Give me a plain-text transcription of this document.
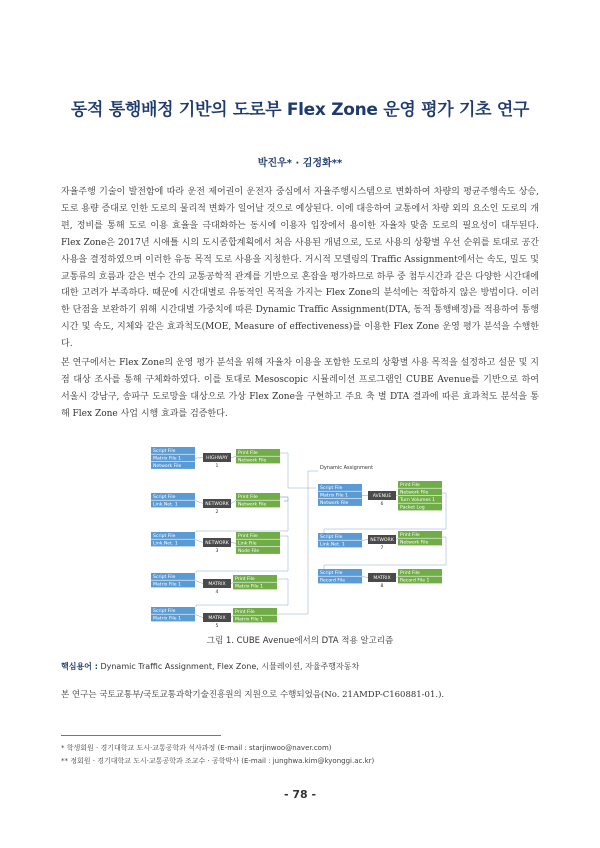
동적 통행배정 기반의 도로부 Flex Zone 운영 평가 기초 연구
박진우* · 김정화**

자율주행 기술이 발전함에 따라 운전 제어권이 운전자 중심에서 자율주행시스템으로 변화하여 차량의 평균주행속도 상승, 도로 용량 증대로 인한 도로의 물리적 변화가 일어날 것으로 예상된다. 이에 대응하여 교통에서 차량 외의 요소인 도로의 개편, 정비를 통해 도로 이용 효율을 극대화하는 동시에 이용자 입장에서 용이한 자율차 맞춤 도로의 필요성이 대두된다. Flex Zone은 2017년 시애틀 시의 도시종합계획에서 처음 사용된 개념으로, 도로 사용의 상황별 우선 순위를 토대로 공간 사용을 결정하였으며 이러한 유동 목적 도로 사용을 지칭한다. 거시적 모델링의 Traffic Assignment에서는 속도, 밀도 및 교통류의 흐름과 같은 변수 간의 교통공학적 관계를 기반으로 혼잡을 평가하므로 하루 중 첨두시간과 같은 다양한 시간대에 대한 고려가 부족하다. 때문에 시간대별로 유동적인 목적을 가지는 Flex Zone의 분석에는 적합하지 않은 방법이다. 이러한 단점을 보완하기 위해 시간대별 가중치에 따른 Dynamic Traffic Assignment(DTA, 동적 통행배정)를 적용하여 통행 시간 및 속도, 지체와 같은 효과척도(MOE, Measure of effectiveness)를 이용한 Flex Zone 운영 평가 분석을 수행한다.

본 연구에서는 Flex Zone의 운영 평가 분석을 위해 자율차 이용을 포함한 도로의 상황별 사용 목적을 설정하고 설문 및 지점 대상 조사를 통해 구체화하였다. 이를 토대로 Mesoscopic 시뮬레이션 프로그램인 CUBE Avenue를 기반으로 하여 서울시 강남구, 송파구 도로망을 대상으로 가상 Flex Zone을 구현하고 주요 축 별 DTA 결과에 따른 효과척도 분석을 통해 Flex Zone 사업 시행 효과를 검증한다.

Script File
Matrix File 1
Network File
Print File
Network File
HIGHWAY
1
Script File
Link.Net. 1
Print File
Network File
NETWORK
2
Script File
Link.Net. 1
Print File
Link File
Node File
NETWORK
3
Script File
Matrix File 1
Print File
Matrix File 1
MATRIX
4
Script File
Matrix File 1
Print File
Matrix File 1
MATRIX
5
Script File
Matrix File 1
Network File
Print File
Network File
Turn Volumes 1
Packet Log
AVENUE
6
Script File
Link.Net. 1
Print File
Network File
NETWORK
7
Script File
Record File
Print File
Record File 1
MATRIX
8
Dynamic Assignment
그림 1. CUBE Avenue에서의 DTA 적용 알고리즘
핵심용어 : Dynamic Traffic Assignment, Flex Zone, 시뮬레이션, 자율주행자동차
본 연구는 국토교통부/국토교통과학기술진흥원의 지원으로 수행되었음(No. 21AMDP-C160881-01.).
* 학생회원 · 경기대학교 도시·교통공학과 석사과정 (E-mail : starjinwoo@naver.com)
** 정회원 · 경기대학교 도시·교통공학과 조교수 · 공학박사 (E-mail : junghwa.kim@kyonggi.ac.kr)
- 78 -
